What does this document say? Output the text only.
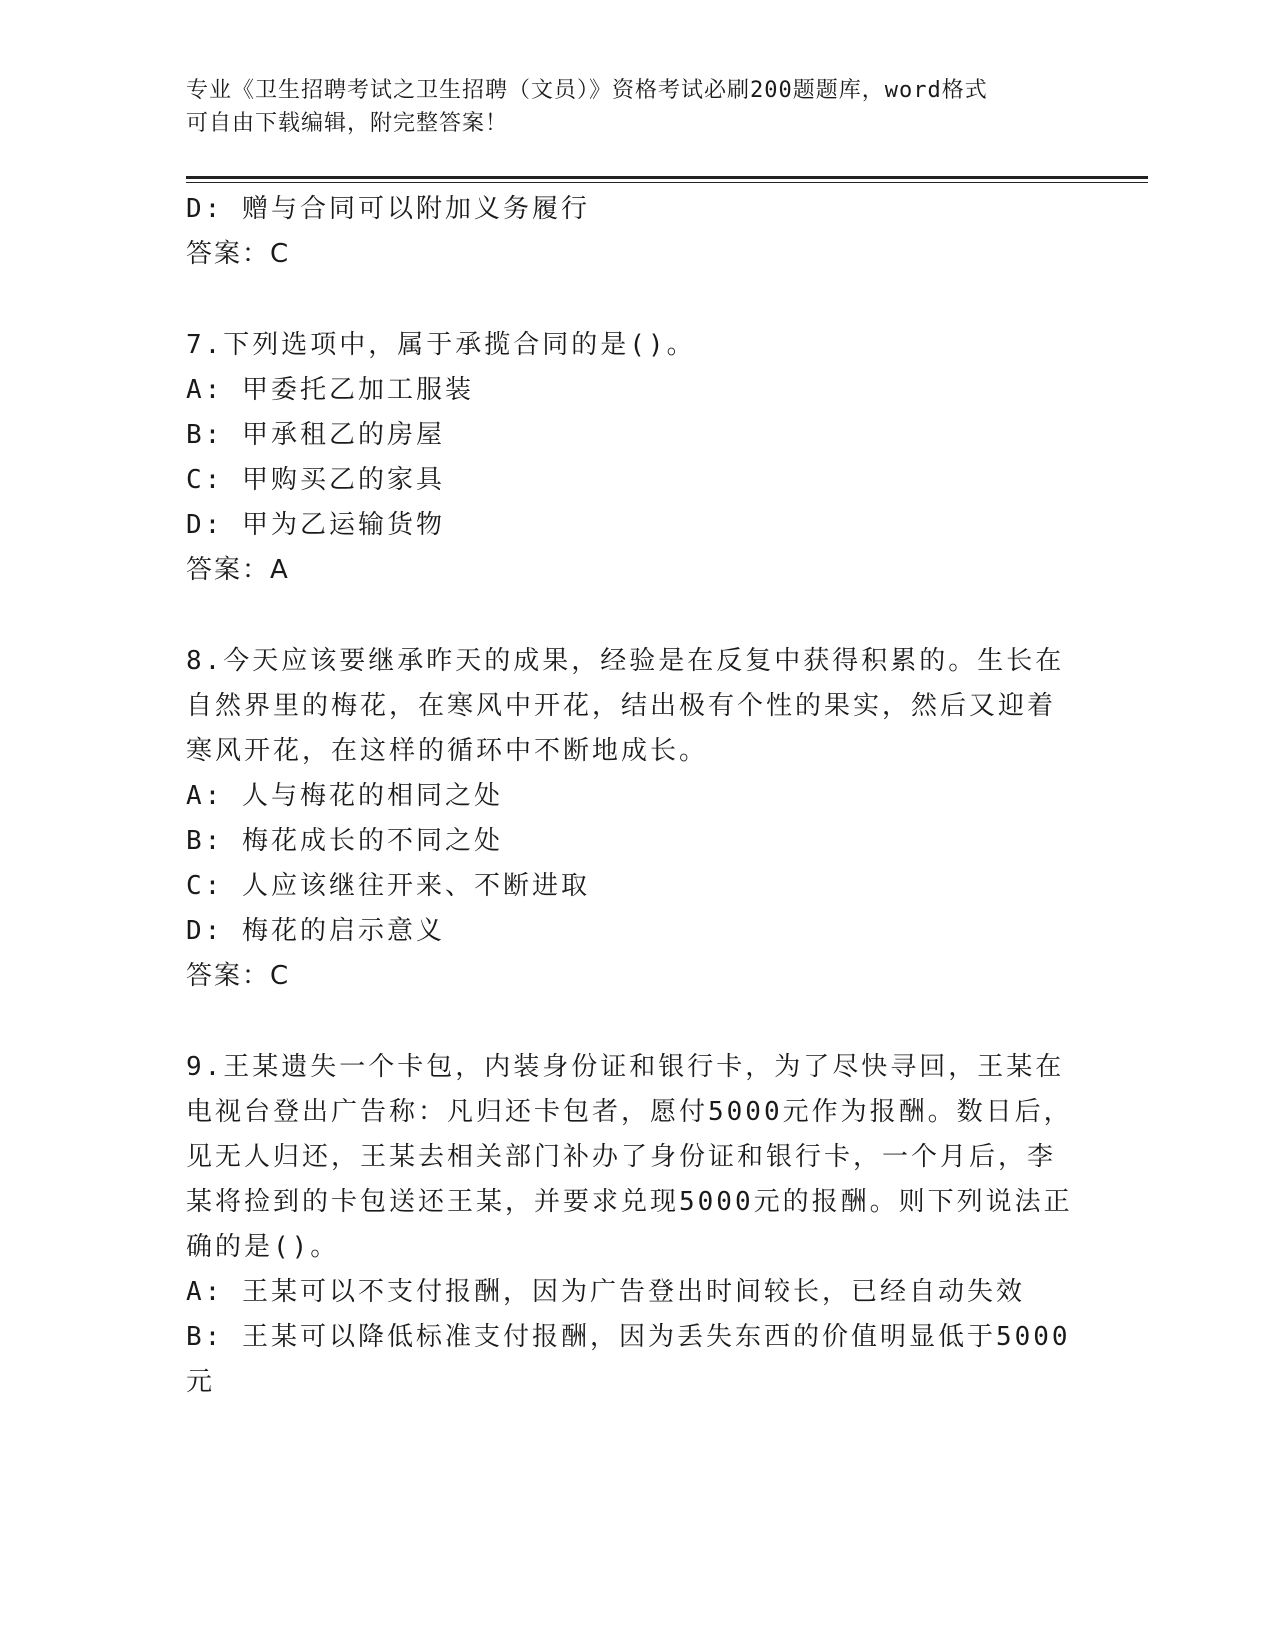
专业《卫生招聘考试之卫生招聘（文员）》资格考试必刷200题题库，word格式
可自由下载编辑，附完整答案！
D: 赠与合同可以附加义务履行
答案：C
7.下列选项中，属于承揽合同的是()。
A: 甲委托乙加工服装
B: 甲承租乙的房屋
C: 甲购买乙的家具
D: 甲为乙运输货物
答案：A
8.今天应该要继承昨天的成果，经验是在反复中获得积累的。生长在
自然界里的梅花，在寒风中开花，结出极有个性的果实，然后又迎着
寒风开花，在这样的循环中不断地成长。
A: 人与梅花的相同之处
B: 梅花成长的不同之处
C: 人应该继往开来、不断进取
D: 梅花的启示意义
答案：C
9.王某遗失一个卡包，内装身份证和银行卡，为了尽快寻回，王某在
电视台登出广告称：凡归还卡包者，愿付5000元作为报酬。数日后，
见无人归还，王某去相关部门补办了身份证和银行卡，一个月后，李
某将捡到的卡包送还王某，并要求兑现5000元的报酬。则下列说法正
确的是()。
A: 王某可以不支付报酬，因为广告登出时间较长，已经自动失效
B: 王某可以降低标准支付报酬，因为丢失东西的价值明显低于5000
元
